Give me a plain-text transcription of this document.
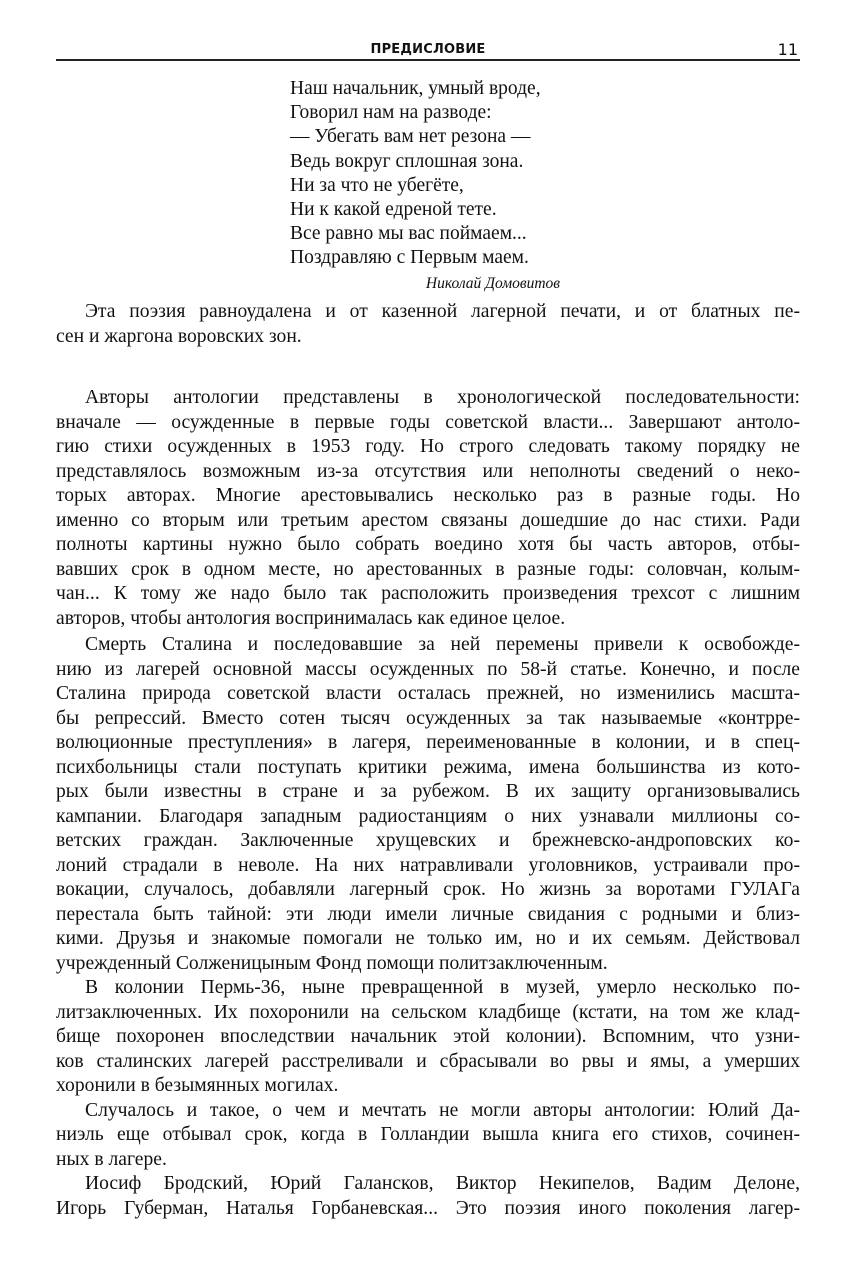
ПРЕДИСЛОВИЕ	11
Наш начальник, умный вроде,
Говорил нам на разводе:
— Убегать вам нет резона —
Ведь вокруг сплошная зона.
Ни за что не убегёте,
Ни к какой едреной тете.
Все равно мы вас поймаем...
Поздравляю с Первым маем.
Николай Домовитов
Эта поэзия равноудалена и от казенной лагерной печати, и от блатных пе-
сен и жаргона воровских зон.
Авторы антологии представлены в хронологической последовательности:
вначале — осужденные в первые годы советской власти... Завершают антоло-
гию стихи осужденных в 1953 году. Но строго следовать такому порядку не
представлялось возможным из-за отсутствия или неполноты сведений о неко-
торых авторах. Многие арестовывались несколько раз в разные годы. Но
именно со вторым или третьим арестом связаны дошедшие до нас стихи. Ради
полноты картины нужно было собрать воедино хотя бы часть авторов, отбы-
вавших срок в одном месте, но арестованных в разные годы: соловчан, колым-
чан... К тому же надо было так расположить произведения трехсот с лишним
авторов, чтобы антология воспринималась как единое целое.
Смерть Сталина и последовавшие за ней перемены привели к освобожде-
нию из лагерей основной массы осужденных по 58-й статье. Конечно, и после
Сталина природа советской власти осталась прежней, но изменились масшта-
бы репрессий. Вместо сотен тысяч осужденных за так называемые «контрре-
волюционные преступления» в лагеря, переименованные в колонии, и в спец-
психбольницы стали поступать критики режима, имена большинства из кото-
рых были известны в стране и за рубежом. В их защиту организовывались
кампании. Благодаря западным радиостанциям о них узнавали миллионы со-
ветских граждан. Заключенные хрущевских и брежневско-андроповских ко-
лоний страдали в неволе. На них натравливали уголовников, устраивали про-
вокации, случалось, добавляли лагерный срок. Но жизнь за воротами ГУЛАГа
перестала быть тайной: эти люди имели личные свидания с родными и близ-
кими. Друзья и знакомые помогали не только им, но и их семьям. Действовал
учрежденный Солженицыным Фонд помощи политзаключенным.
В колонии Пермь-36, ныне превращенной в музей, умерло несколько по-
литзаключенных. Их похоронили на сельском кладбище (кстати, на том же клад-
бище похоронен впоследствии начальник этой колонии). Вспомним, что узни-
ков сталинских лагерей расстреливали и сбрасывали во рвы и ямы, а умерших
хоронили в безымянных могилах.
Случалось и такое, о чем и мечтать не могли авторы антологии: Юлий Да-
ниэль еще отбывал срок, когда в Голландии вышла книга его стихов, сочинен-
ных в лагере.
Иосиф Бродский, Юрий Галансков, Виктор Некипелов, Вадим Делоне,
Игорь Губерман, Наталья Горбаневская... Это поэзия иного поколения лагер-
